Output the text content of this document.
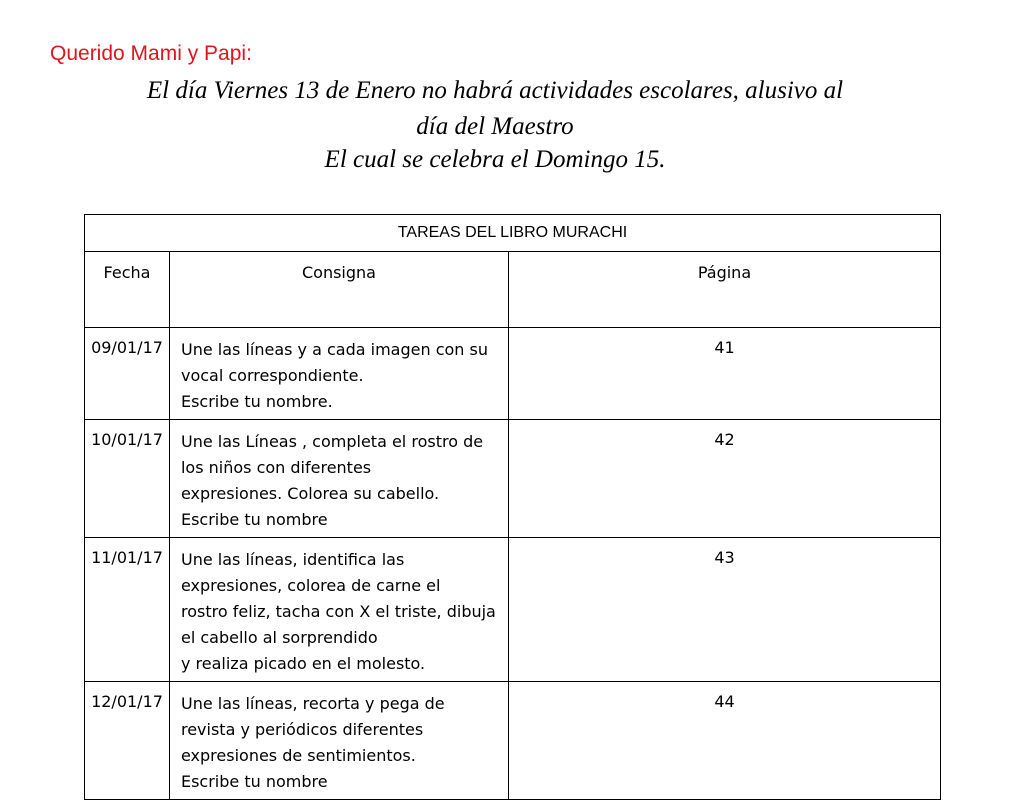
Querido Mami y Papi:
El día Viernes 13 de Enero no habrá actividades escolares, alusivo al
día del Maestro
El cual se celebra el Domingo 15.
TAREAS DEL LIBRO MURACHI		
Fecha	Consigna	Página
09/01/17	Une las líneas y a cada imagen con su vocal correspondiente.
Escribe tu nombre.	41
10/01/17	Une las Líneas , completa el rostro de los niños con diferentes
expresiones. Colorea su cabello.
Escribe tu nombre	42
11/01/17	Une las líneas, identifica las expresiones, colorea de carne el
rostro feliz, tacha con X el triste, dibuja el cabello al sorprendido
y realiza picado en el molesto.	43
12/01/17	Une las líneas, recorta y pega de revista y periódicos diferentes
expresiones de sentimientos.
Escribe tu nombre	44
